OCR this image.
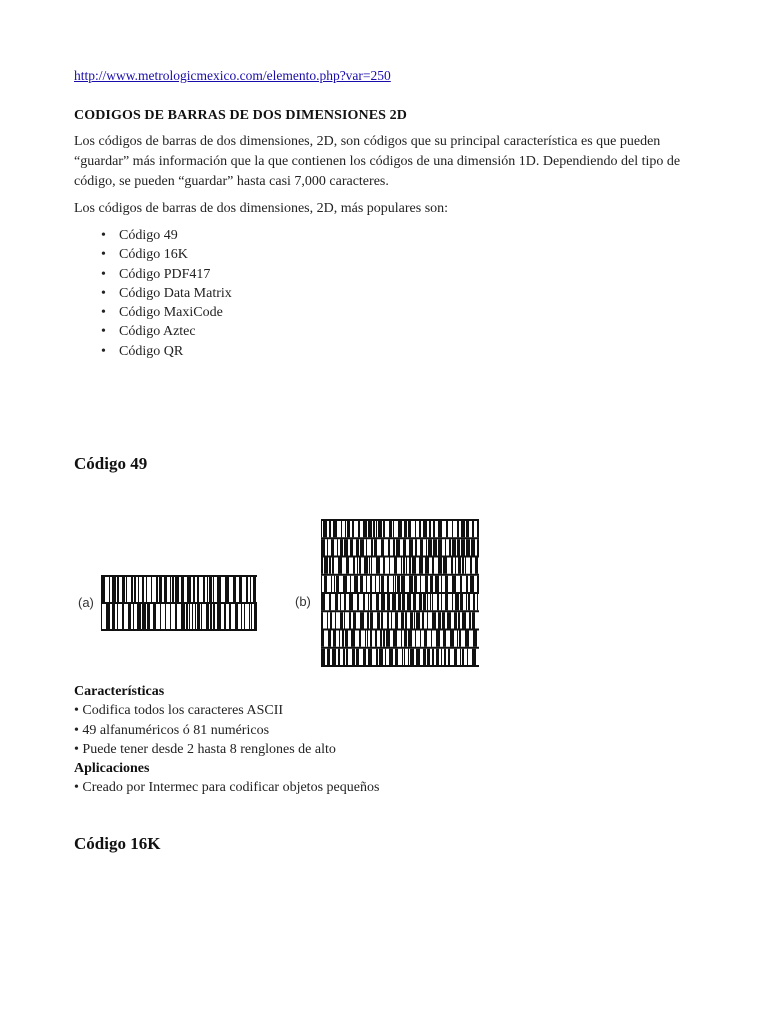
http://www.metrologicmexico.com/elemento.php?var=250
CODIGOS DE BARRAS DE DOS DIMENSIONES 2D

Los códigos de barras de dos dimensiones, 2D, son códigos que su principal característica es que pueden “guardar” más información que la que contienen los códigos de una dimensión 1D. Dependiendo del tipo de código, se pueden “guardar” hasta casi 7,000 caracteres.

Los códigos de barras de dos dimensiones, 2D, más populares son:

• Código 49
• Código 16K
• Código PDF417
• Código Data Matrix
• Código MaxiCode
• Código Aztec
• Código QR
Código 49
(a)	(b)
Características
• Codifica todos los caracteres ASCII
• 49 alfanuméricos ó 81 numéricos
• Puede tener desde 2 hasta 8 renglones de alto
Aplicaciones
• Creado por Intermec para codificar objetos pequeños
Código 16K
